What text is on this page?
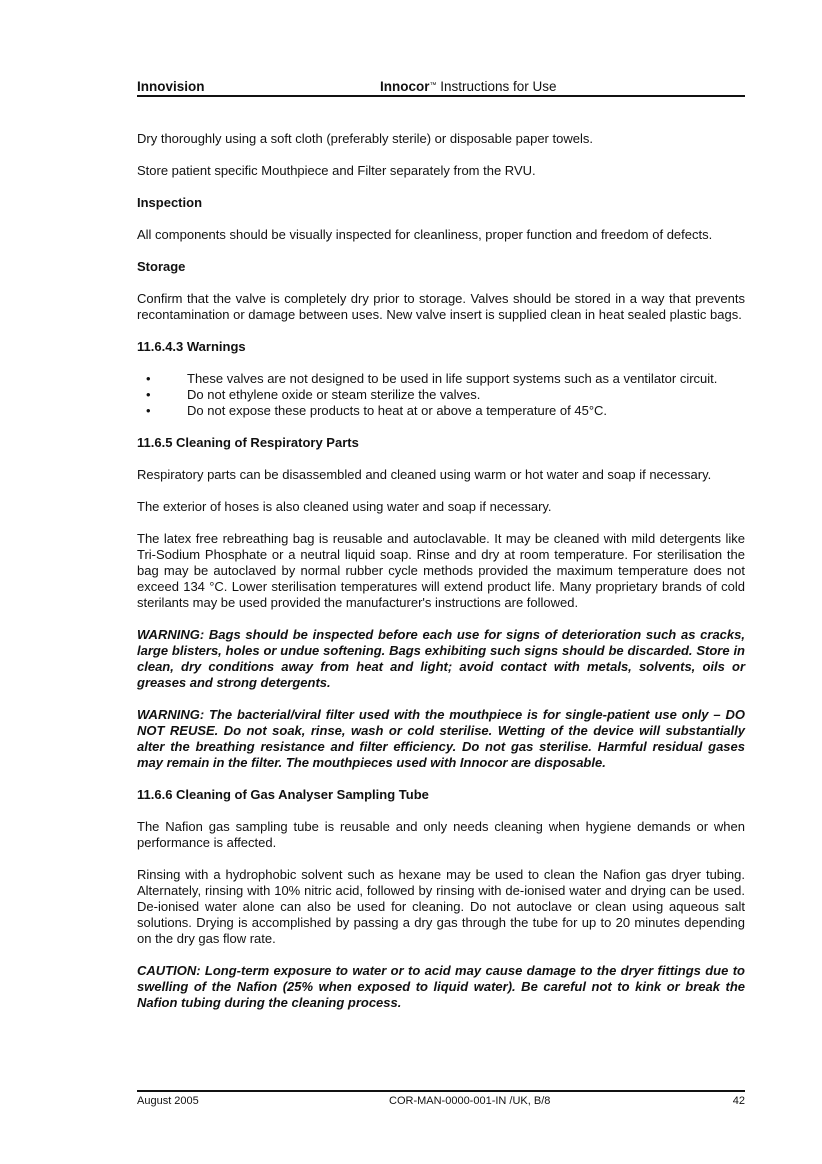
Innovision	Innocor™ Instructions for Use

Dry thoroughly using a soft cloth (preferably sterile) or disposable paper towels.

Store patient specific Mouthpiece and Filter separately from the RVU.

Inspection

All components should be visually inspected for cleanliness, proper function and freedom of defects.

Storage

Confirm that the valve is completely dry prior to storage. Valves should be stored in a way that prevents recontamination or damage between uses. New valve insert is supplied clean in heat sealed plastic bags.

11.6.4.3 Warnings
•	These valves are not designed to be used in life support systems such as a ventilator circuit.
•	Do not ethylene oxide or steam sterilize the valves.
•	Do not expose these products to heat at or above a temperature of 45°C.
11.6.5 Cleaning of Respiratory Parts

Respiratory parts can be disassembled and cleaned using warm or hot water and soap if necessary.

The exterior of hoses is also cleaned using water and soap if necessary.

The latex free rebreathing bag is reusable and autoclavable. It may be cleaned with mild detergents like Tri-Sodium Phosphate or a neutral liquid soap. Rinse and dry at room temperature. For sterilisation the bag may be autoclaved by normal rubber cycle methods provided the maximum temperature does not exceed 134 °C. Lower sterilisation temperatures will extend product life. Many proprietary brands of cold sterilants may be used provided the manufacturer's instructions are followed.

WARNING: Bags should be inspected before each use for signs of deterioration such as cracks, large blisters, holes or undue softening. Bags exhibiting such signs should be discarded. Store in clean, dry conditions away from heat and light; avoid contact with metals, solvents, oils or greases and strong detergents.

WARNING: The bacterial/viral filter used with the mouthpiece is for single-patient use only – DO NOT REUSE. Do not soak, rinse, wash or cold sterilise. Wetting of the device will substantially alter the breathing resistance and filter efficiency. Do not gas sterilise. Harmful residual gases may remain in the filter. The mouthpieces used with Innocor are disposable.

11.6.6 Cleaning of Gas Analyser Sampling Tube

The Nafion gas sampling tube is reusable and only needs cleaning when hygiene demands or when performance is affected.

Rinsing with a hydrophobic solvent such as hexane may be used to clean the Nafion gas dryer tubing. Alternately, rinsing with 10% nitric acid, followed by rinsing with de-ionised water and drying can be used. De-ionised water alone can also be used for cleaning. Do not autoclave or clean using aqueous salt solutions. Drying is accomplished by passing a dry gas through the tube for up to 20 minutes depending on the dry gas flow rate.

CAUTION: Long-term exposure to water or to acid may cause damage to the dryer fittings due to swelling of the Nafion (25% when exposed to liquid water). Be careful not to kink or break the Nafion tubing during the cleaning process.

August 2005	COR-MAN-0000-001-IN /UK, B/8	42
